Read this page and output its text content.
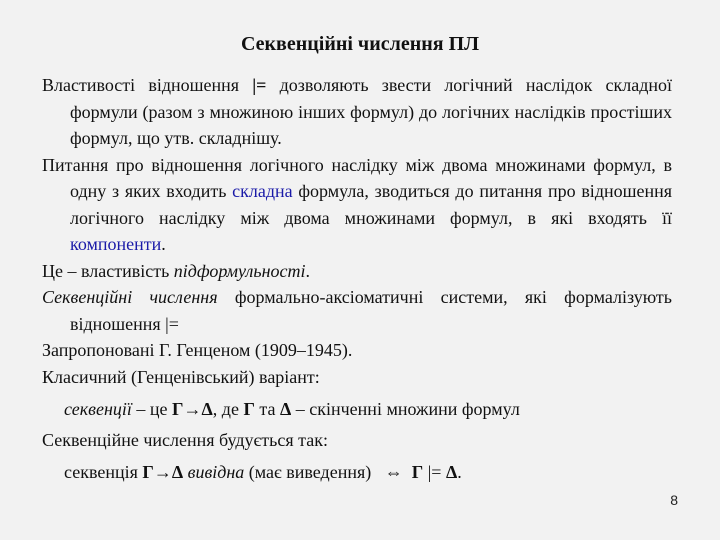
Секвенційні числення ПЛ

Властивості відношення |= дозволяють звести логічний наслідок складної формули (разом з множиною інших формул) до логічних наслідків простіших формул, що утв. складнішу.

Питання про відношення логічного наслідку між двома множинами формул, в одну з яких входить складна формула, зводиться до питання про відношення логічного наслідку між двома множинами формул, в які входять її компоненти.

Це – властивість підформульності.

Секвенційні числення формально-аксіоматичні системи, які формалізують відношення |=

Запропоновані Г. Генценом (1909–1945).

Класичний (Генценівський) варіант:

секвенції – це Г→Δ, де Г та Δ – скінченні множини формул

Секвенційне числення будується так:

секвенція Г→Δ вивідна (має виведення)   ⇔ Г |= Δ.

8
